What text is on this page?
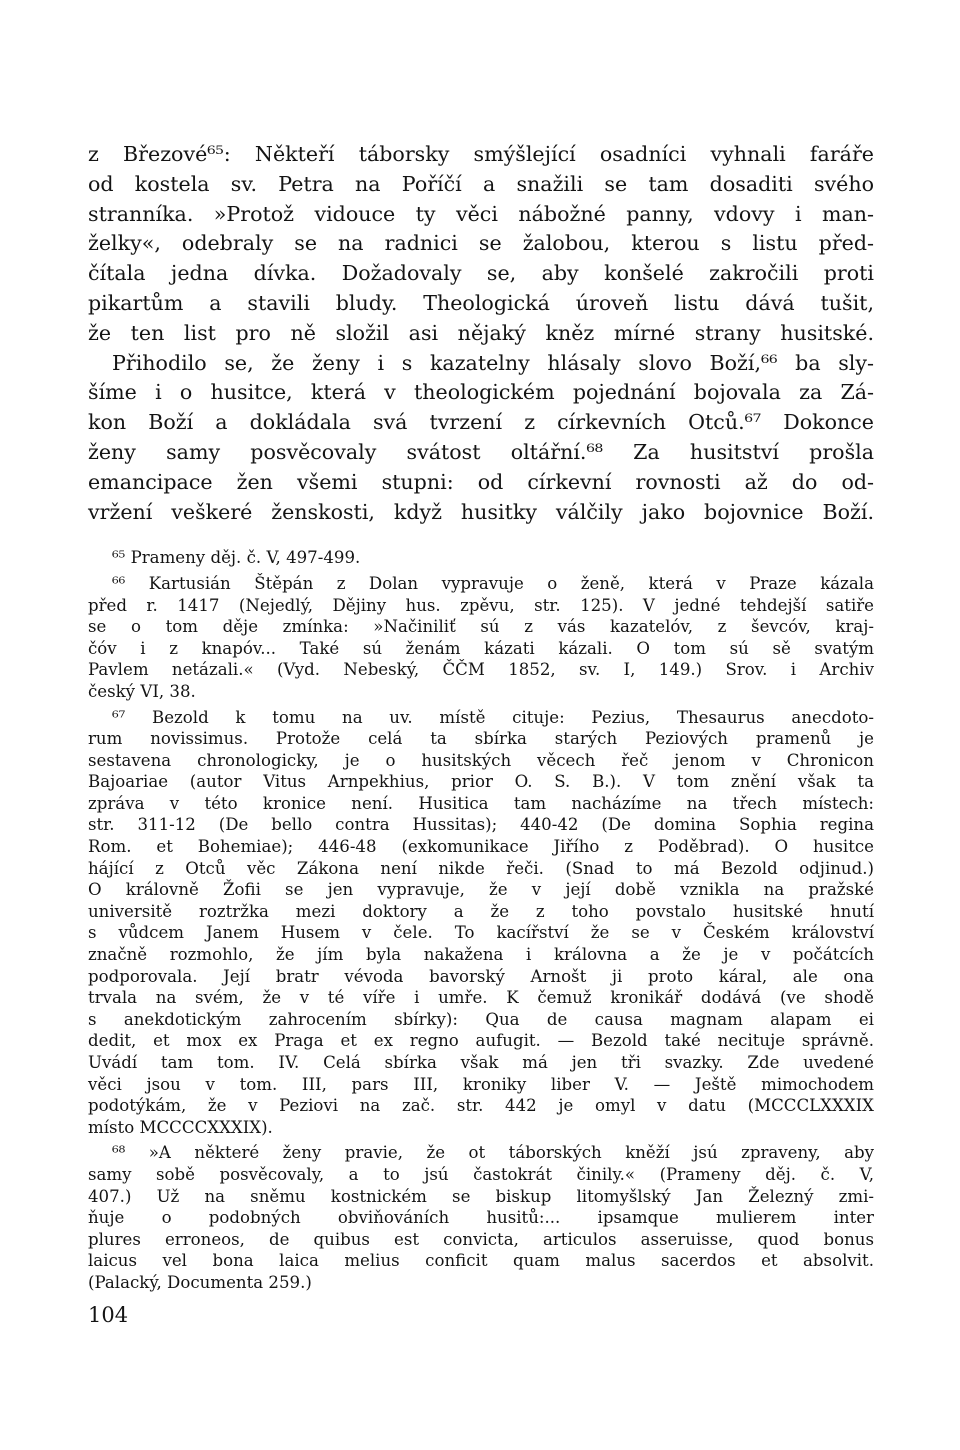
z Březové⁶⁵: Někteří táborsky smýšlející osadníci vyhnali faráře
od kostela sv. Petra na Poříčí a snažili se tam dosaditi svého
stranníka. »Protož vidouce ty věci nábožné panny, vdovy i man-
želky«, odebraly se na radnici se žalobou, kterou s listu před-
čítala jedna dívka. Dožadovaly se, aby konšelé zakročili proti
pikartům a stavili bludy. Theologická úroveň listu dává tušit,
že ten list pro ně složil asi nějaký kněz mírné strany husitské.
Přihodilo se, že ženy i s kazatelny hlásaly slovo Boží,⁶⁶ ba sly-
šíme i o husitce, která v theologickém pojednání bojovala za Zá-
kon Boží a dokládala svá tvrzení z církevních Otců.⁶⁷ Dokonce
ženy samy posvěcovaly svátost oltářní.⁶⁸ Za husitství prošla
emancipace žen všemi stupni: od církevní rovnosti až do od-
vržení veškeré ženskosti, když husitky válčily jako bojovnice Boží.
⁶⁵ Prameny děj. č. V, 497-499.
⁶⁶ Kartusián Štěpán z Dolan vypravuje o ženě, která v Praze kázala
před r. 1417 (Nejedlý, Dějiny hus. zpěvu, str. 125). V jedné tehdejší satiře
se o tom děje zmínka: »Načiniliť sú z vás kazatelóv, z ševcóv, kraj-
čóv i z knapóv... Také sú ženám kázati kázali. O tom sú sě svatým
Pavlem netázali.« (Vyd. Nebeský, ČČM 1852, sv. I, 149.) Srov. i Archiv
český VI, 38.
⁶⁷ Bezold k tomu na uv. místě cituje: Pezius, Thesaurus anecdoto-
rum novissimus. Protože celá ta sbírka starých Peziových pramenů je
sestavena chronologicky, je o husitských věcech řeč jenom v Chronicon
Bajoariae (autor Vitus Arnpekhius, prior O. S. B.). V tom znění však ta
zpráva v této kronice není. Husitica tam nacházíme na třech místech:
str. 311-12 (De bello contra Hussitas); 440-42 (De domina Sophia regina
Rom. et Bohemiae); 446-48 (exkomunikace Jiřího z Poděbrad). O husitce
hájící z Otců věc Zákona není nikde řeči. (Snad to má Bezold odjinud.)
O královně Žofii se jen vypravuje, že v její době vznikla na pražské
universitě roztržka mezi doktory a že z toho povstalo husitské hnutí
s vůdcem Janem Husem v čele. To kacířství že se v Českém království
značně rozmohlo, že jím byla nakažena i královna a že je v počátcích
podporovala. Její bratr vévoda bavorský Arnošt ji proto káral, ale ona
trvala na svém, že v té víře i umře. K čemuž kronikář dodává (ve shodě
s anekdotickým zahrocením sbírky): Qua de causa magnam alapam ei
dedit, et mox ex Praga et ex regno aufugit. — Bezold také necituje správně.
Uvádí tam tom. IV. Celá sbírka však má jen tři svazky. Zde uvedené
věci jsou v tom. III, pars III, kroniky liber V. — Ještě mimochodem
podotýkám, že v Peziovi na zač. str. 442 je omyl v datu (MCCCLXXXIX
místo MCCCCXXXIX).
⁶⁸ »A některé ženy pravie, že ot táborských kněží jsú zpraveny, aby
samy sobě posvěcovaly, a to jsú častokrát činily.« (Prameny děj. č. V,
407.) Už na sněmu kostnickém se biskup litomyšlský Jan Železný zmi-
ňuje o podobných obviňováních husitů:... ipsamque mulierem inter
plures erroneos, de quibus est convicta, articulos asseruisse, quod bonus
laicus vel bona laica melius conficit quam malus sacerdos et absolvit.
(Palacký, Documenta 259.)
104
